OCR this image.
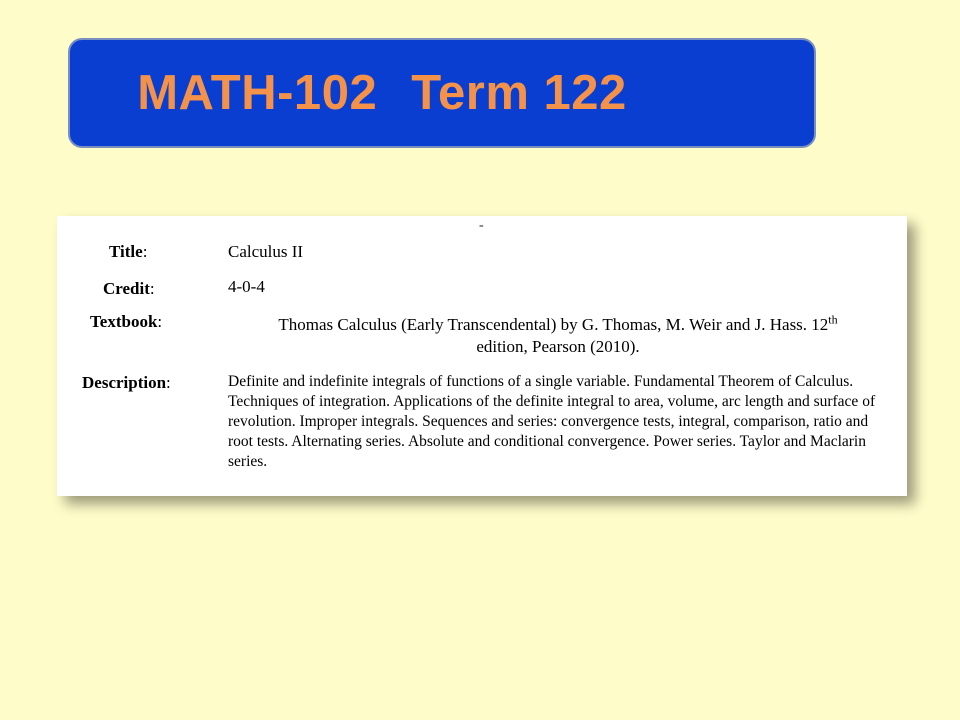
MATH-102 Term 122
-
Title:	Calculus II
Credit:	4-0-4
Textbook:	Thomas Calculus (Early Transcendental) by G. Thomas, M. Weir and J. Hass. 12th
edition, Pearson (2010).
Description:	Definite and indefinite integrals of functions of a single variable. Fundamental Theorem of Calculus. Techniques of integration. Applications of the definite integral to area, volume, arc length and surface of revolution. Improper integrals. Sequences and series: convergence tests, integral, comparison, ratio and root tests. Alternating series. Absolute and conditional convergence. Power series. Taylor and Maclarin series.
